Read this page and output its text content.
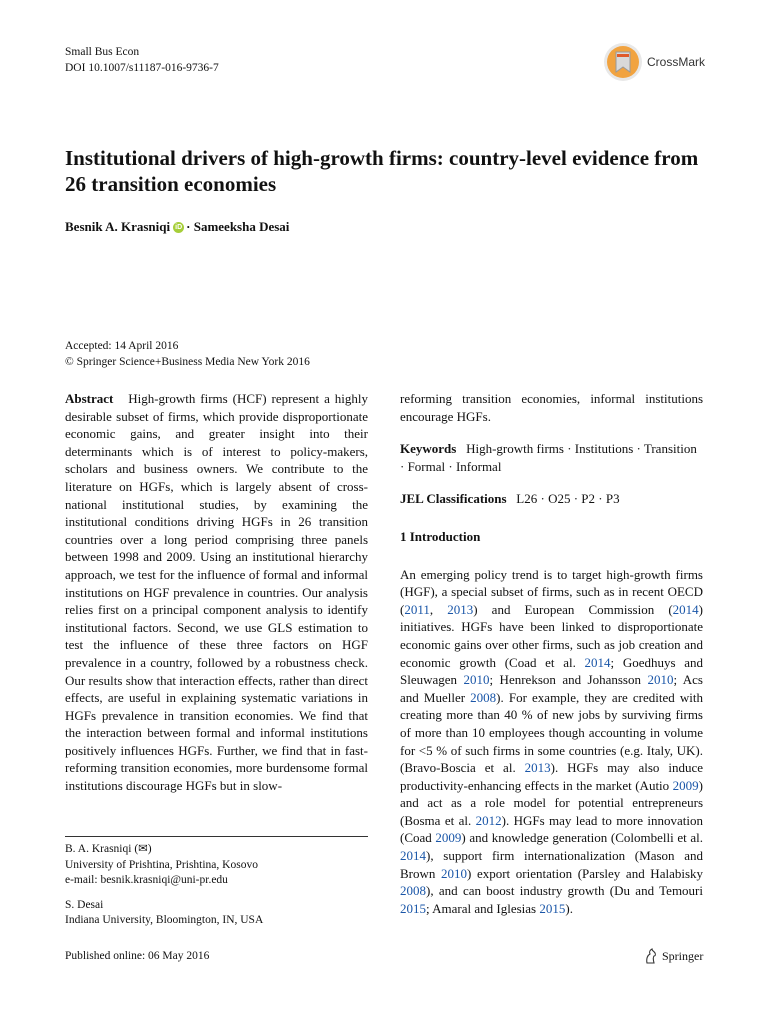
Small Bus Econ
DOI 10.1007/s11187-016-9736-7	CrossMark
Institutional drivers of high-growth firms: country-level evidence from 26 transition economies
Besnik A. Krasniqi iD ·
Sameeksha Desai
Accepted: 14 April 2016
© Springer Science+Business Media New York 2016

Abstract High-growth firms (HCF) represent a highly desirable subset of firms, which provide disproportionate economic gains, and greater insight into their determinants which is of interest to policy-makers, scholars and business owners. We contribute to the literature on HGFs, which is largely absent of cross-national institutional studies, by examining the institutional conditions driving HGFs in 26 transition countries over a long period comprising three panels between 1998 and 2009. Using an institutional hierarchy approach, we test for the influence of formal and informal institutions on HGF prevalence in countries. Our analysis relies first on a principal component analysis to identify institutional factors. Second, we use GLS estimation to test the influence of these three factors on HGF prevalence in a country, followed by a robustness check. Our results show that interaction effects, rather than direct effects, are useful in explaining systematic variations in HGFs prevalence in transition economies. We find that the interaction between formal and informal institutions positively influences HGFs. Further, we find that in fast-reforming transition economies, more burdensome formal institutions discourage HGFs but in slow-

reforming transition economies, informal institutions encourage HGFs.

Keywords High-growth firms · Institutions · Transition · Formal · Informal

JEL Classifications L26 · O25 · P2 · P3

1 Introduction

An emerging policy trend is to target high-growth firms (HGF), a special subset of firms, such as in recent OECD (2011, 2013) and European Commission (2014) initiatives. HGFs have been linked to disproportionate economic gains over other firms, such as job creation and economic growth (Coad et al. 2014; Goedhuys and Sleuwagen 2010; Henrekson and Johansson 2010; Acs and Mueller 2008). For example, they are credited with creating more than 40 % of new jobs by surviving firms of more than 10 employees though accounting in volume for <5 % of such firms in some countries (e.g. Italy, UK). (Bravo-Boscia et al. 2013). HGFs may also induce productivity-enhancing effects in the market (Autio 2009) and act as a role model for potential entrepreneurs (Bosma et al. 2012). HGFs may lead to more innovation (Coad 2009) and knowledge generation (Colombelli et al. 2014), support firm internationalization (Mason and Brown 2010) export orientation (Parsley and Halabisky 2008), and can boost industry growth (Du and Temouri 2015; Amaral and Iglesias 2015).

B. A. Krasniqi (✉)
University of Prishtina, Prishtina, Kosovo
e-mail: besnik.krasniqi@uni-pr.edu
S. Desai
Indiana University, Bloomington, IN, USA
Published online: 06 May 2016	Springer
